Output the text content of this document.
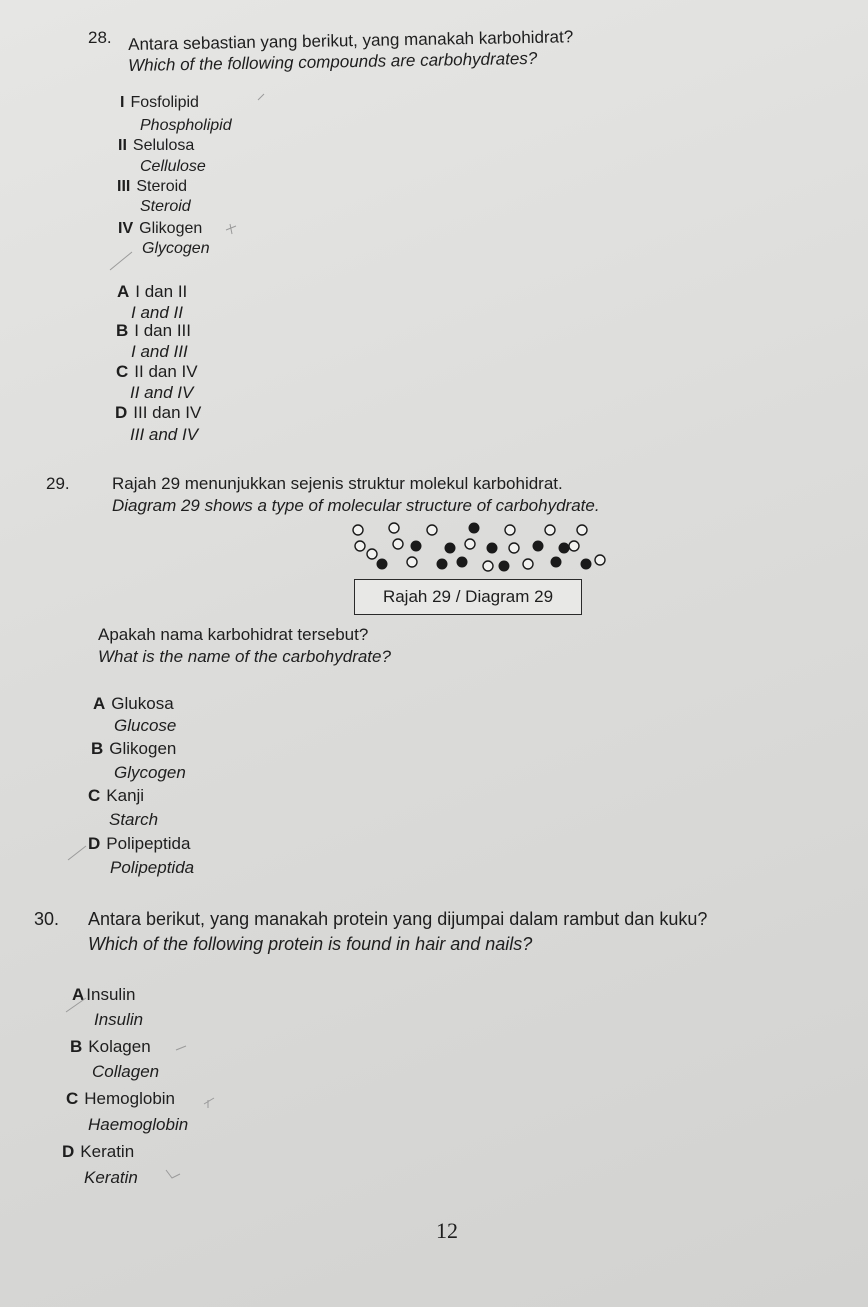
28. Antara sebastian yang berikut, yang manakah karbohidrat?
Which of the following compounds are carbohydrates?
I Fosfolipid
Phospholipid
II Selulosa
Cellulose
III Steroid
Steroid
IV Glikogen
Glycogen
A I dan II
I and II
B I dan III
I and III
C II dan IV
II and IV
D III dan IV
III and IV
29. Rajah 29 menunjukkan sejenis struktur molekul karbohidrat.
Diagram 29 shows a type of molecular structure of carbohydrate.
Rajah 29 / Diagram 29
Apakah nama karbohidrat tersebut?
What is the name of the carbohydrate?
A Glukosa
Glucose
B Glikogen
Glycogen
C Kanji
Starch
D Polipeptida
Polipeptida
30. Antara berikut, yang manakah protein yang dijumpai dalam rambut dan kuku?
Which of the following protein is found in hair and nails?
A Insulin
Insulin
B Kolagen
Collagen
C Hemoglobin
Haemoglobin
D Keratin
Keratin
12
